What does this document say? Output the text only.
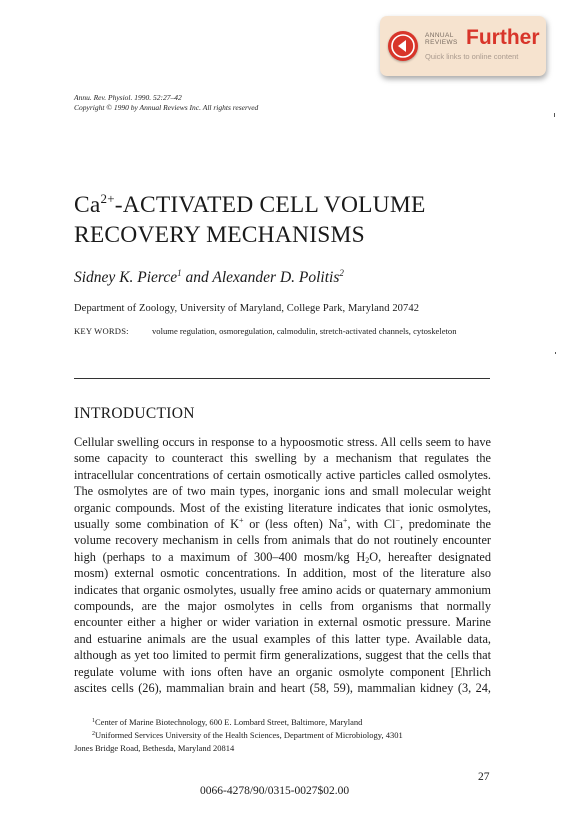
ANNUAL
REVIEWS Further
Quick links to online content
Annu. Rev. Physiol. 1990. 52:27–42
Copyright © 1990 by Annual Reviews Inc. All rights reserved
$Ca^{2+}$-ACTIVATED CELL VOLUME
RECOVERY MECHANISMS
Sidney K. Pierce$^1$ and Alexander D. Politis$^2$
Department of Zoology, University of Maryland, College Park, Maryland 20742
KEY WORDS:	volume regulation, osmoregulation, calmodulin, stretch-activated channels, cytoskeleton
INTRODUCTION

Cellular swelling occurs in response to a hypoosmotic stress. All cells seem to have some capacity to counteract this swelling by a mechanism that regulates the intracellular concentrations of certain osmotically active particles called osmolytes. The osmolytes are of two main types, inorganic ions and small molecular weight organic compounds. Most of the existing literature indicates that ionic osmolytes, usually some combination of K+ or (less often) Na+, with Cl−, predominate the volume recovery mechanism in cells from animals that do not routinely encounter high (perhaps to a maximum of 300–400 mosm/kg $H_2O$, hereafter designated mosm) external osmotic concentrations. In addition, most of the literature also indicates that organic osmolytes, usually free amino acids or quaternary ammonium compounds, are the major osmolytes in cells from organisms that normally encounter either a higher or wider variation in external osmotic pressure. Marine and estuarine animals are the usual examples of this latter type. Available data, although as yet too limited to permit firm generalizations, suggest that the cells that regulate volume with ions often have an organic osmolyte component [Ehrlich ascites cells (26), mammalian brain and heart (58, 59), mammalian kidney (3, 24,

$^1$Center of Marine Biotechnology, 600 E. Lombard Street, Baltimore, Maryland
$^2$Uniformed Services University of the Health Sciences, Department of Microbiology, 4301
Jones Bridge Road, Bethesda, Maryland 20814
27
0066-4278/90/0315-0027$02.00
